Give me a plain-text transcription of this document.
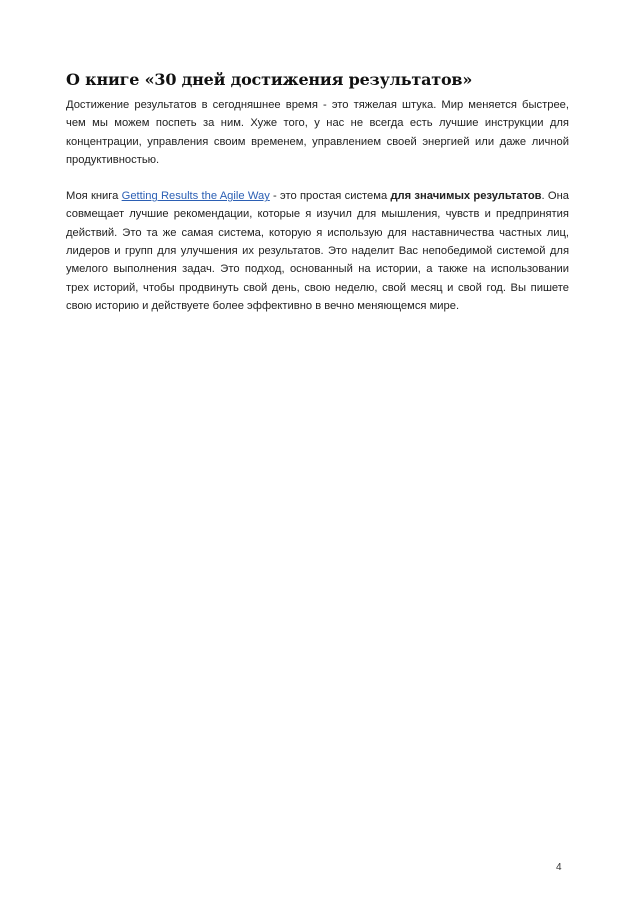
О книге «30 дней достижения результатов»

Достижение результатов в сегодняшнее время - это тяжелая штука. Мир меняется быстрее, чем мы можем поспеть за ним. Хуже того, у нас не всегда есть лучшие инструкции для концентрации, управления своим временем, управлением своей энергией или даже личной продуктивностью.

Моя книга Getting Results the Agile Way - это простая система для значимых результатов. Она совмещает лучшие рекомендации, которые я изучил для мышления, чувств и предпринятия действий. Это та же самая система, которую я использую для наставничества частных лиц, лидеров и групп для улучшения их результатов. Это наделит Вас непобедимой системой для умелого выполнения задач. Это подход, основанный на истории, а также на использовании трех историй, чтобы продвинуть свой день, свою неделю, свой месяц и свой год. Вы пишете свою историю и действуете более эффективно в вечно меняющемся мире.

4
